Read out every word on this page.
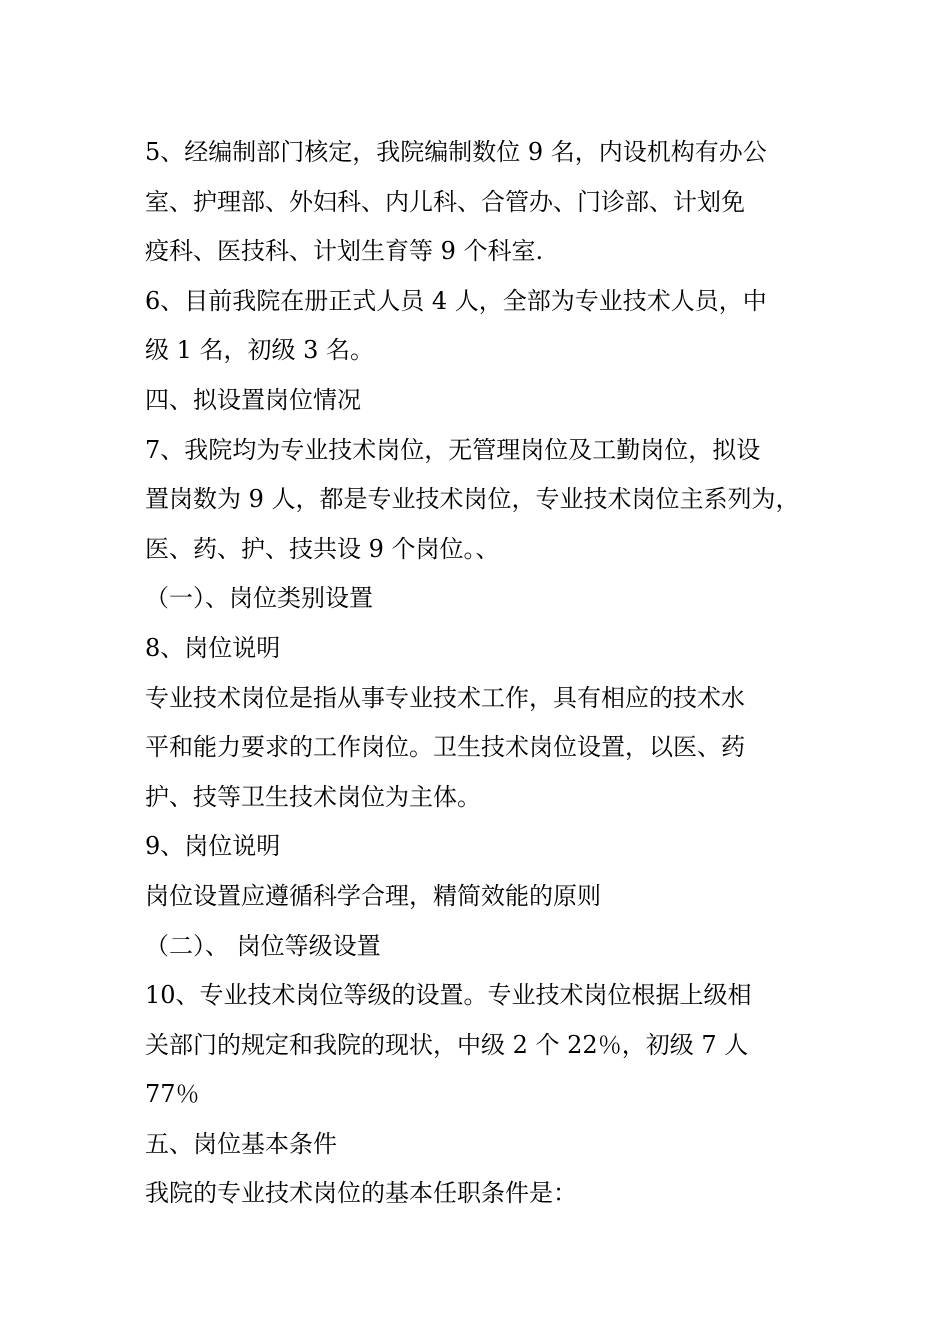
5、经编制部门核定，我院编制数位 9 名，内设机构有办公
室、护理部、外妇科、内儿科、合管办、门诊部、计划免
疫科、医技科、计划生育等 9 个科室.
6、目前我院在册正式人员 4 人，全部为专业技术人员，中
级 1 名，初级 3 名。
四、拟设置岗位情况
7、我院均为专业技术岗位，无管理岗位及工勤岗位，拟设
置岗数为 9 人，都是专业技术岗位，专业技术岗位主系列为，
医、药、护、技共设 9 个岗位。、
（一）、岗位类别设置
8、岗位说明
专业技术岗位是指从事专业技术工作，具有相应的技术水
平和能力要求的工作岗位。卫生技术岗位设置，以医、药
护、技等卫生技术岗位为主体。
9、岗位说明
岗位设置应遵循科学合理，精简效能的原则
（二）、 岗位等级设置
10、专业技术岗位等级的设置。专业技术岗位根据上级相
关部门的规定和我院的现状，中级 2 个 22％，初级 7 人
77％
五、岗位基本条件
我院的专业技术岗位的基本任职条件是：
